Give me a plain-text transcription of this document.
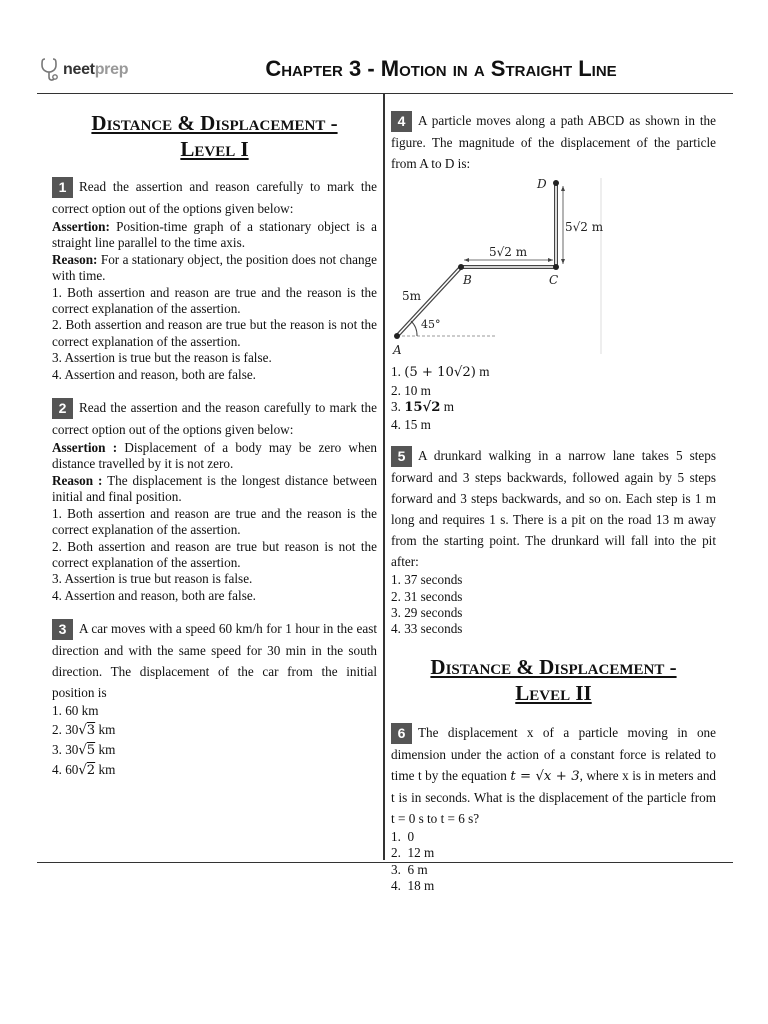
neet prep	Chapter 3 - Motion in a Straight Line
Distance & Displacement -
Level I
1 Read the assertion and reason carefully to mark the correct option out of the options given below:
Assertion: Position-time graph of a stationary object is a straight line parallel to the time axis.
Reason: For a stationary object, the position does not change with time.
1. Both assertion and reason are true and the reason is the correct explanation of the assertion.
2. Both assertion and reason are true but the reason is not the correct explanation of the assertion.
3. Assertion is true but the reason is false.
4. Assertion and reason, both are false.
2 Read the assertion and the reason carefully to mark the correct option out of the options given below:
Assertion : Displacement of a body may be zero when distance travelled by it is not zero.
Reason : The displacement is the longest distance between initial and final position.
1. Both assertion and reason are true and the reason is the correct explanation of the assertion.
2. Both assertion and reason are true but reason is not the correct explanation of the assertion.
3. Assertion is true but reason is false.
4. Assertion and reason, both are false.
3 A car moves with a speed 60 km/h for 1 hour in the east direction and with the same speed for 30 min in the south direction. The displacement of the car from the initial position is
1. 60 km
2. 30√3 km
3. 30√5 km
4. 60√2 km
4 A particle moves along a path ABCD as shown in the figure. The magnitude of the displacement of the particle from A to D is:
A
B	C
D
5m
5√2 m
5√2 m
45°
1. (5 + 10√2) m
2. 10 m
3. 15√2 m
4. 15 m
5 A drunkard walking in a narrow lane takes 5 steps forward and 3 steps backwards, followed again by 5 steps forward and 3 steps backwards, and so on. Each step is 1 m long and requires 1 s. There is a pit on the road 13 m away from the starting point. The drunkard will fall into the pit after:
1. 37 seconds
2. 31 seconds
3. 29 seconds
4. 33 seconds
Distance & Displacement -
Level II
6 The displacement x of a particle moving in one dimension under the action of a constant force is related to time t by the equation t = √x + 3, where x is in meters and t is in seconds. What is the displacement of the particle from t = 0 s to t = 6 s?
1.  0
2.  12 m
3.  6 m
4.  18 m
